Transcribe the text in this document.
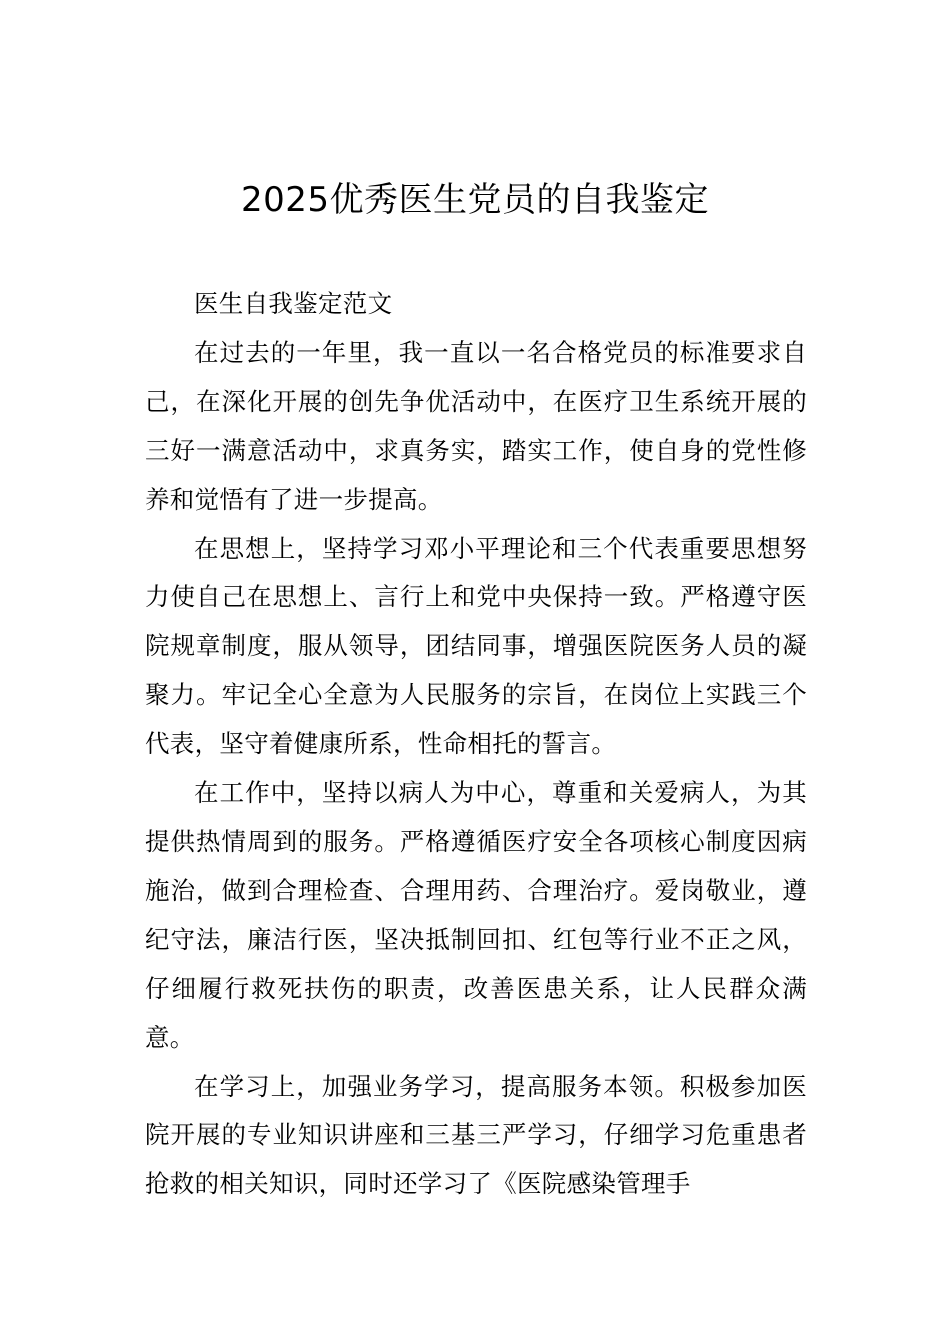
2025优秀医生党员的自我鉴定

医生自我鉴定范文

在过去的一年里，我一直以一名合格党员的标准要求自己，在深化开展的创先争优活动中，在医疗卫生系统开展的三好一满意活动中，求真务实，踏实工作，使自身的党性修养和觉悟有了进一步提高。

在思想上，坚持学习邓小平理论和三个代表重要思想努力使自己在思想上、言行上和党中央保持一致。严格遵守医院规章制度，服从领导，团结同事，增强医院医务人员的凝聚力。牢记全心全意为人民服务的宗旨，在岗位上实践三个代表，坚守着健康所系，性命相托的誓言。

在工作中，坚持以病人为中心，尊重和关爱病人，为其提供热情周到的服务。严格遵循医疗安全各项核心制度因病施治，做到合理检查、合理用药、合理治疗。爱岗敬业，遵纪守法，廉洁行医，坚决抵制回扣、红包等行业不正之风，仔细履行救死扶伤的职责，改善医患关系，让人民群众满意。

在学习上，加强业务学习，提高服务本领。积极参加医院开展的专业知识讲座和三基三严学习，仔细学习危重患者抢救的相关知识，同时还学习了《医院感染管理手
